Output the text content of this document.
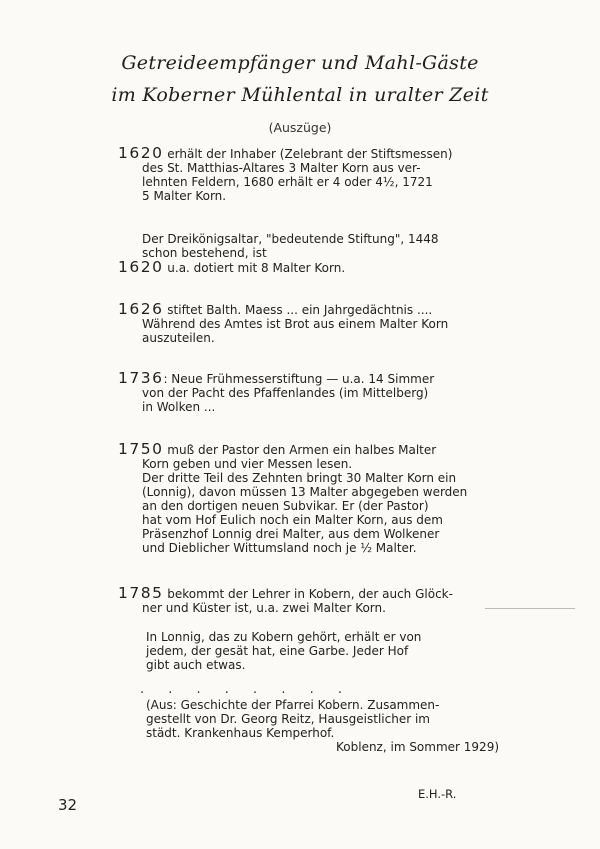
Getreideempfänger und Mahl-Gäste
im Koberner Mühlental in uralter Zeit
(Auszüge)
1620 erhält der Inhaber (Zelebrant der Stiftsmessen)
des St. Matthias-Altares 3 Malter Korn aus ver-
lehnten Feldern, 1680 erhält er 4 oder 4½, 1721
5 Malter Korn.
Der Dreikönigsaltar, "bedeutende Stiftung", 1448
schon bestehend, ist
1620 u.a. dotiert mit 8 Malter Korn.
1626 stiftet Balth. Maess ... ein Jahrgedächtnis ....
Während des Amtes ist Brot aus einem Malter Korn
auszuteilen.
1736: Neue Frühmesserstiftung — u.a. 14 Simmer
von der Pacht des Pfaffenlandes (im Mittelberg)
in Wolken ...
1750 muß der Pastor den Armen ein halbes Malter
Korn geben und vier Messen lesen.
Der dritte Teil des Zehnten bringt 30 Malter Korn ein
(Lonnig), davon müssen 13 Malter abgegeben werden
an den dortigen neuen Subvikar. Er (der Pastor)
hat vom Hof Eulich noch ein Malter Korn, aus dem
Präsenzhof Lonnig drei Malter, aus dem Wolkener
und Dieblicher Wittumsland noch je ½ Malter.
1785 bekommt der Lehrer in Kobern, der auch Glöck-
ner und Küster ist, u.a. zwei Malter Korn.
In Lonnig, das zu Kobern gehört, erhält er von
jedem, der gesät hat, eine Garbe. Jeder Hof
gibt auch etwas.
. . . . . . . .
(Aus: Geschichte der Pfarrei Kobern. Zusammen-
gestellt von Dr. Georg Reitz, Hausgeistlicher im
städt. Krankenhaus Kemperhof.
Koblenz, im Sommer 1929)
32
E.H.-R.
